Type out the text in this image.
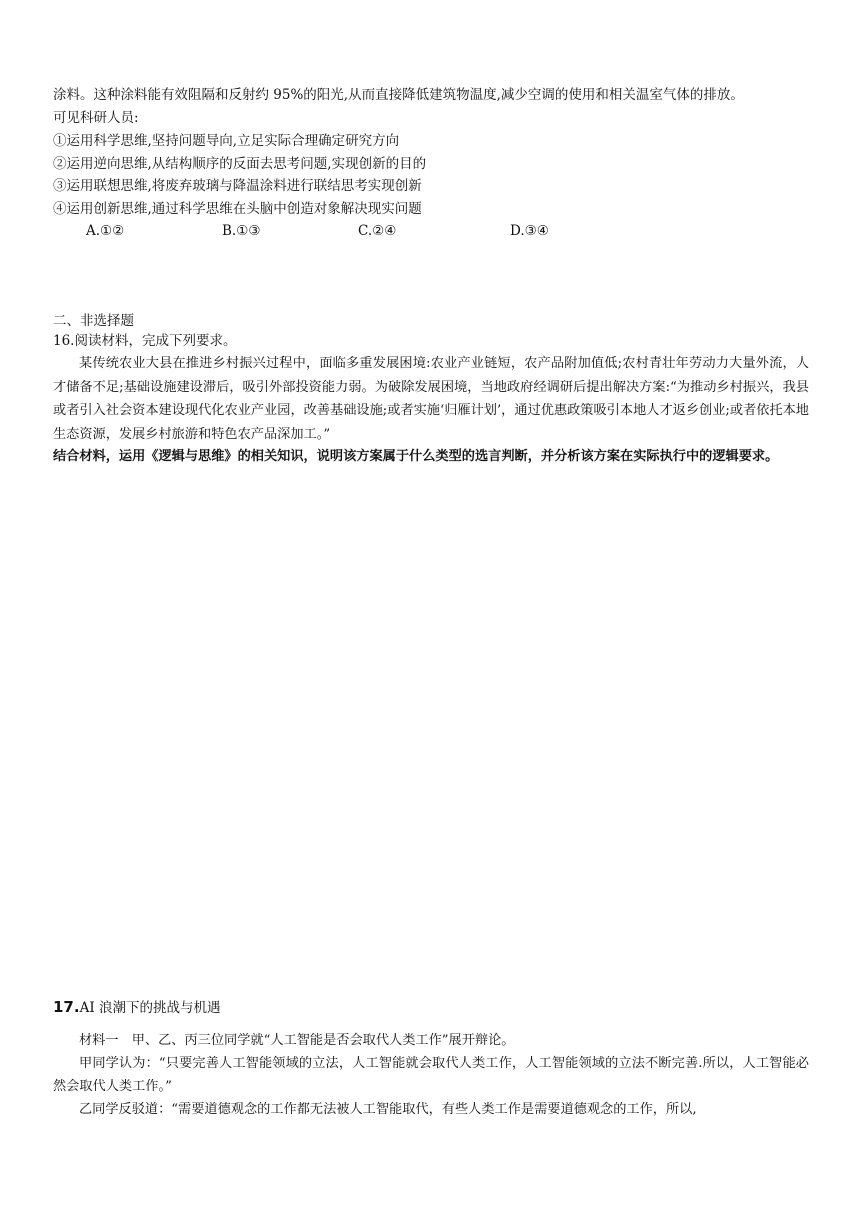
涂料。这种涂料能有效阻隔和反射约 95%的阳光,从而直接降低建筑物温度,减少空调的使用和相关温室气体的排放。
可见科研人员:
①运用科学思维,坚持问题导向,立足实际合理确定研究方向
②运用逆向思维,从结构顺序的反面去思考问题,实现创新的目的
③运用联想思维,将废弃玻璃与降温涂料进行联结思考实现创新
④运用创新思维,通过科学思维在头脑中创造对象解决现实问题
A.①②	B.①③	C.②④	D.③④
二、非选择题
16.阅读材料，完成下列要求。
某传统农业大县在推进乡村振兴过程中，面临多重发展困境:农业产业链短，农产品附加值低;农村青壮年劳动力大量外流，人才储备不足;基础设施建设滞后，吸引外部投资能力弱。为破除发展困境，当地政府经调研后提出解决方案:“为推动乡村振兴，我县或者引入社会资本建设现代化农业产业园，改善基础设施;或者实施‘归雁计划’，通过优惠政策吸引本地人才返乡创业;或者依托本地生态资源，发展乡村旅游和特色农产品深加工。”
结合材料，运用《逻辑与思维》的相关知识，说明该方案属于什么类型的选言判断，并分析该方案在实际执行中的逻辑要求。
17.AI 浪潮下的挑战与机遇
材料一　甲、乙、丙三位同学就“人工智能是否会取代人类工作”展开辩论。
甲同学认为：“只要完善人工智能领域的立法，人工智能就会取代人类工作，人工智能领域的立法不断完善.所以，人工智能必然会取代人类工作。”
乙同学反驳道：“需要道德观念的工作都无法被人工智能取代，有些人类工作是需要道德观念的工作，所以,
